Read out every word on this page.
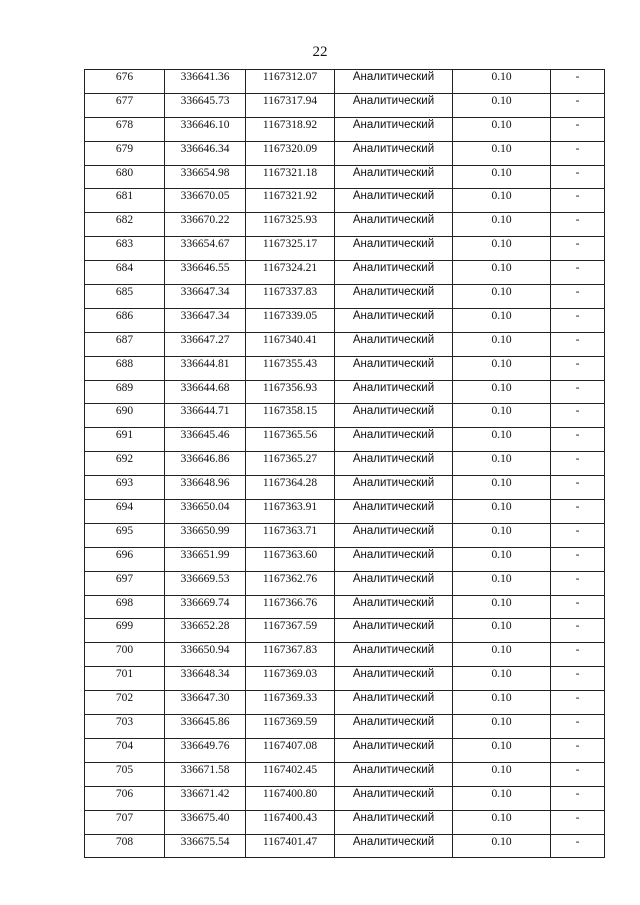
22
676	336641.36	1167312.07	Аналитический	0.10	-

677	336645.73	1167317.94	Аналитический	0.10	-

678	336646.10	1167318.92	Аналитический	0.10	-

679	336646.34	1167320.09	Аналитический	0.10	-

680	336654.98	1167321.18	Аналитический	0.10	-

681	336670.05	1167321.92	Аналитический	0.10	-

682	336670.22	1167325.93	Аналитический	0.10	-

683	336654.67	1167325.17	Аналитический	0.10	-

684	336646.55	1167324.21	Аналитический	0.10	-

685	336647.34	1167337.83	Аналитический	0.10	-

686	336647.34	1167339.05	Аналитический	0.10	-

687	336647.27	1167340.41	Аналитический	0.10	-

688	336644.81	1167355.43	Аналитический	0.10	-

689	336644.68	1167356.93	Аналитический	0.10	-

690	336644.71	1167358.15	Аналитический	0.10	-

691	336645.46	1167365.56	Аналитический	0.10	-

692	336646.86	1167365.27	Аналитический	0.10	-

693	336648.96	1167364.28	Аналитический	0.10	-

694	336650.04	1167363.91	Аналитический	0.10	-

695	336650.99	1167363.71	Аналитический	0.10	-

696	336651.99	1167363.60	Аналитический	0.10	-

697	336669.53	1167362.76	Аналитический	0.10	-

698	336669.74	1167366.76	Аналитический	0.10	-

699	336652.28	1167367.59	Аналитический	0.10	-

700	336650.94	1167367.83	Аналитический	0.10	-

701	336648.34	1167369.03	Аналитический	0.10	-

702	336647.30	1167369.33	Аналитический	0.10	-

703	336645.86	1167369.59	Аналитический	0.10	-

704	336649.76	1167407.08	Аналитический	0.10	-

705	336671.58	1167402.45	Аналитический	0.10	-

706	336671.42	1167400.80	Аналитический	0.10	-

707	336675.40	1167400.43	Аналитический	0.10	-

708	336675.54	1167401.47	Аналитический	0.10	-
